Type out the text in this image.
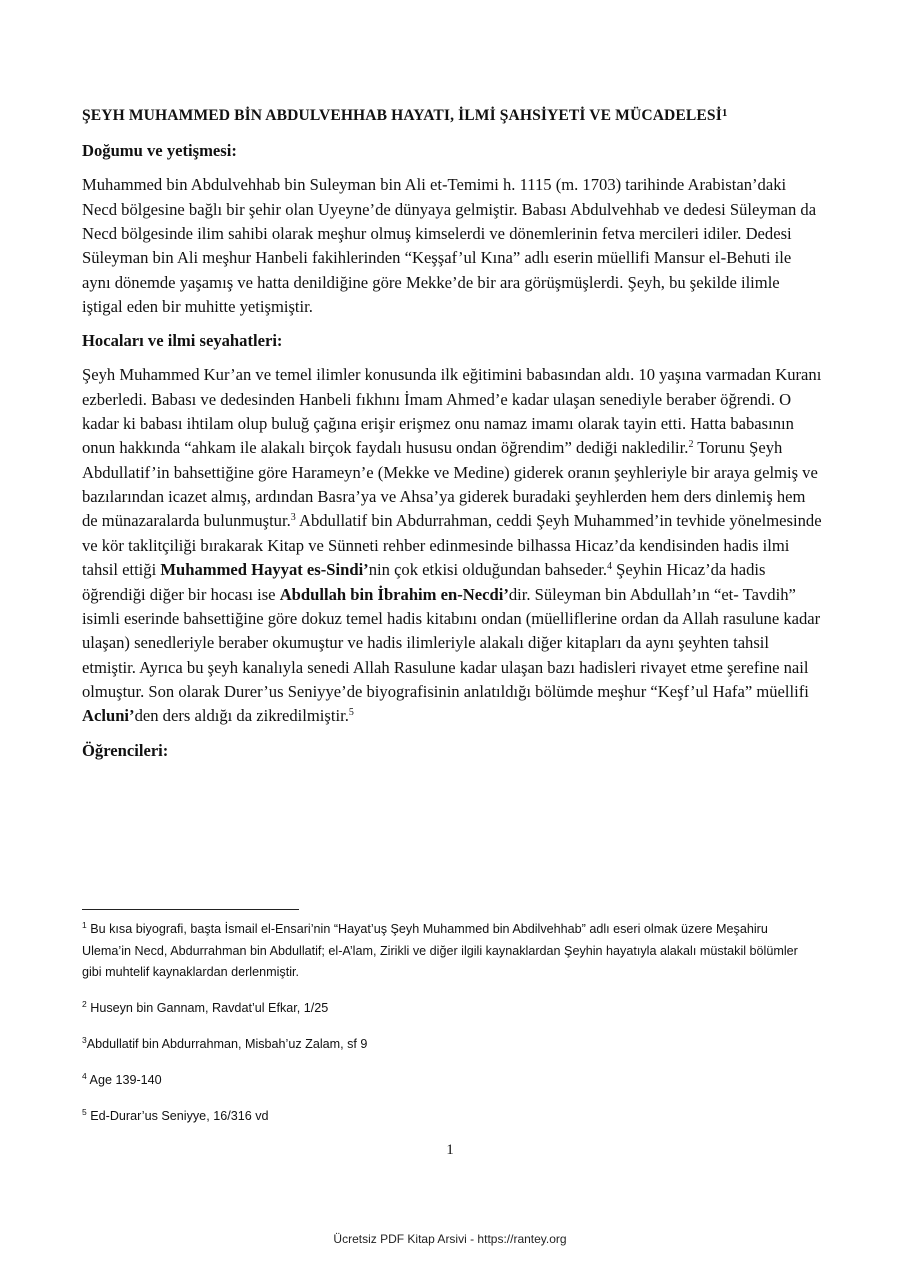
ŞEYH MUHAMMED BİN ABDULVEHHAB HAYATI, İLMİ ŞAHSİYETİ VE MÜCADELESİ$^1$
Doğumu ve yetişmesi:

Muhammed bin Abdulvehhab bin Suleyman bin Ali et-Temimi h. 1115 (m. 1703) tarihinde Arabistan’daki Necd bölgesine bağlı bir şehir olan Uyeyne’de dünyaya gelmiştir. Babası Abdulvehhab ve dedesi Süleyman da Necd bölgesinde ilim sahibi olarak meşhur olmuş kimselerdi ve dönemlerinin fetva mercileri idiler. Dedesi Süleyman bin Ali meşhur Hanbeli fakihlerinden “Keşşaf’ul Kına” adlı eserin müellifi Mansur el-Behuti ile aynı dönemde yaşamış ve hatta denildiğine göre Mekke’de bir ara görüşmüşlerdi. Şeyh, bu şekilde ilimle iştigal eden bir muhitte yetişmiştir.

Hocaları ve ilmi seyahatleri:

Şeyh Muhammed Kur’an ve temel ilimler konusunda ilk eğitimini babasından aldı. 10 yaşına varmadan Kuranı ezberledi. Babası ve dedesinden Hanbeli fıkhını İmam Ahmed’e kadar ulaşan senediyle beraber öğrendi. O kadar ki babası ihtilam olup buluğ çağına erişir erişmez onu namaz imamı olarak tayin etti. Hatta babasının onun hakkında “ahkam ile alakalı birçok faydalı hususu ondan öğrendim” dediği nakledilir.$^2$ Torunu Şeyh Abdullatif’in bahsettiğine göre Harameyn’e (Mekke ve Medine) giderek oranın şeyhleriyle bir araya gelmiş ve bazılarından icazet almış, ardından Basra’ya ve Ahsa’ya giderek buradaki şeyhlerden hem ders dinlemiş hem de münazaralarda bulunmuştur.$^3$ Abdullatif bin Abdurrahman, ceddi Şeyh Muhammed’in tevhide yönelmesinde ve kör taklitçiliği bırakarak Kitap ve Sünneti rehber edinmesinde bilhassa Hicaz’da kendisinden hadis ilmi tahsil ettiği Muhammed Hayyat es-Sindi’nin çok etkisi olduğundan bahseder.$^4$ Şeyhin Hicaz’da hadis öğrendiği diğer bir hocası ise Abdullah bin İbrahim en-Necdi’dir. Süleyman bin Abdullah’ın “et- Tavdih” isimli eserinde bahsettiğine göre dokuz temel hadis kitabını ondan (müelliflerine ordan da Allah rasulune kadar ulaşan) senedleriyle beraber okumuştur ve hadis ilimleriyle alakalı diğer kitapları da aynı şeyhten tahsil etmiştir. Ayrıca bu şeyh kanalıyla senedi Allah Rasulune kadar ulaşan bazı hadisleri rivayet etme şerefine nail olmuştur. Son olarak Durer’us Seniyye’de biyografisinin anlatıldığı bölümde meşhur “Keşf’ul Hafa” müellifi Acluni’den ders aldığı da zikredilmiştir.$^5$

Öğrencileri:
$^1$ Bu kısa biyografi, başta İsmail el-Ensari’nin “Hayat’uş Şeyh Muhammed bin Abdilvehhab” adlı eseri olmak üzere Meşahiru Ulema’in Necd, Abdurrahman bin Abdullatif; el-A’lam, Zirikli ve diğer ilgili kaynaklardan Şeyhin hayatıyla alakalı müstakil bölümler gibi muhtelif kaynaklardan derlenmiştir.
$^2$ Huseyn bin Gannam, Ravdat’ul Efkar, 1/25
$^3$Abdullatif bin Abdurrahman, Misbah’uz Zalam, sf 9
$^4$ Age 139-140
$^5$ Ed-Durar’us Seniyye, 16/316 vd
1
Ücretsiz PDF Kitap Arsivi - https://rantey.org
